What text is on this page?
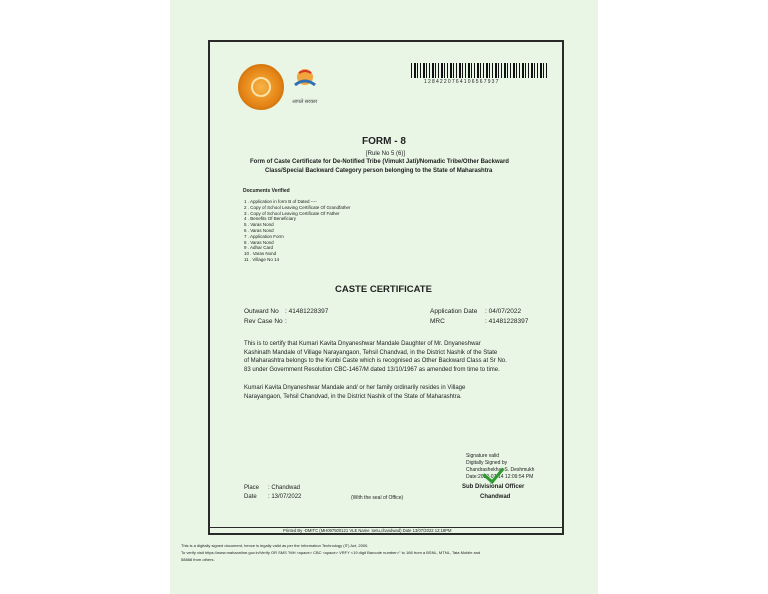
आपले सरकार
1284220764106567937
FORM - 8
[Rule No 5 (6)]
Form of Caste Certificate for De-Notified Tribe (Vimukt Jati)/Nomadic Tribe/Other Backward
Class/Special Backward Category person belonging to the State of Maharashtra
Documents Verified
1 . Application in form B of Dated ----
2 . Copy of School Leaving Certificate Of Grandfather
3 . Copy of School Leaving Certificate Of Father
4 . Benefits Of Beneficiary
5 . Varas Nond
6 . Varas Nond
7 . Application Form
8 . Varas Nond
9 . Adhar Card
10 . Varas Nond
11 . Village No 14
CASTE CERTIFICATE
Outward No : 41481228397
Rev Case No :
Application Date : 04/07/2022
MRC	: 41481228397
This is to certify that Kumari Kavita Dnyaneshwar Mandale Daughter of Mr. Dnyaneshwar
Kashinath Mandale of Village Narayangaon, Tehsil Chandvad, in the District Nashik of the State
of Maharashtra belongs to the Kunbi Caste which is recognised as Other Backward Class at Sr No.
83 under Government Resolution CBC-1467/M dated 13/10/1967 as amended from time to time.
Kumari Kavita Dnyaneshwar Mandale and/ or her family ordinarily resides in Village
Narayangaon, Tehsil Chandvad, in the District Nashik of the State of Maharashtra.
Signature valid
Digitally Signed by
Chandrashekhar S. Deshmukh
Date:2022-07-14 12:09:54 PM
Sub Divisional Officer
Chandwad
Place : Chandwad
Date : 13/07/2022	(With the seal of Office)
Printed By -DMITC (MH097500121 VLE Name :setu,chandwad) Date 13/07/2022 12:18PM
This is a digitally signed document, hence is legally valid as per the Information Technology (IT) Act, 2000.
To verify visit https://www.mahaonline.gov.in/Verify OR SMS "MH <space> CBC <space> VRFY <19 digit Barcode number>" to 166 from a BSNL, MTNL, Tata Mobile and
58888 from others.
